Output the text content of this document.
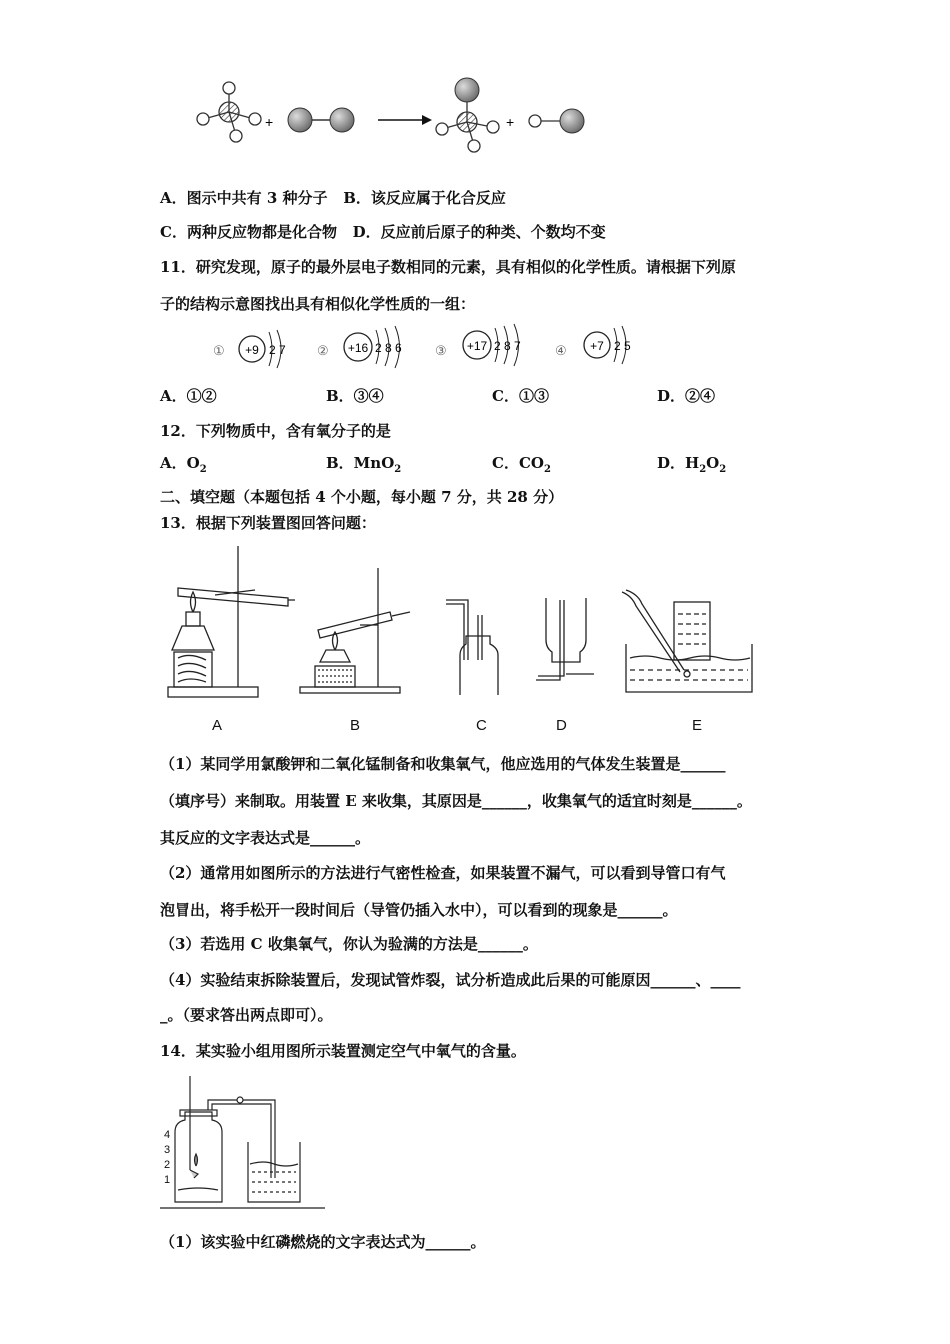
+	+
A．图示中共有 3 种分子 B．该反应属于化合反应
C．两种反应物都是化合物 D．反应前后原子的种类、个数均不变
11．研究发现，原子的最外层电子数相同的元素，具有相似的化学性质。请根据下列原
子的结构示意图找出具有相似化学性质的一组：
① +9 2 7 ② +16 2 8 6	③ +17 2 8 7	④ +7 2 5
A．①②	B．③④	C．①③	D．②④
12．下列物质中，含有氧分子的是
A．$O_2$	B．MnO$_2$	C．$CO_2$	D．$H_2O_2$
二、填空题（本题包括 4 个小题，每小题 7 分，共 28 分）
13．根据下列装置图回答问题：
A	B	C	D	E
（1）某同学用氯酸钾和二氧化锰制备和收集氧气，他应选用的气体发生装置是______
（填序号）来制取。用装置 E 来收集，其原因是______，收集氧气的适宜时刻是______。
其反应的文字表达式是______。
（2）通常用如图所示的方法进行气密性检查，如果装置不漏气，可以看到导管口有气
泡冒出，将手松开一段时间后（导管仍插入水中），可以看到的现象是______。
（3）若选用 C 收集氧气，你认为验满的方法是______。
（4）实验结束拆除装置后，发现试管炸裂，试分析造成此后果的可能原因______、____
_。（要求答出两点即可）。
14．某实验小组用图所示装置测定空气中氧气的含量。
4
3
2
1
（1）该实验中红磷燃烧的文字表达式为______。
